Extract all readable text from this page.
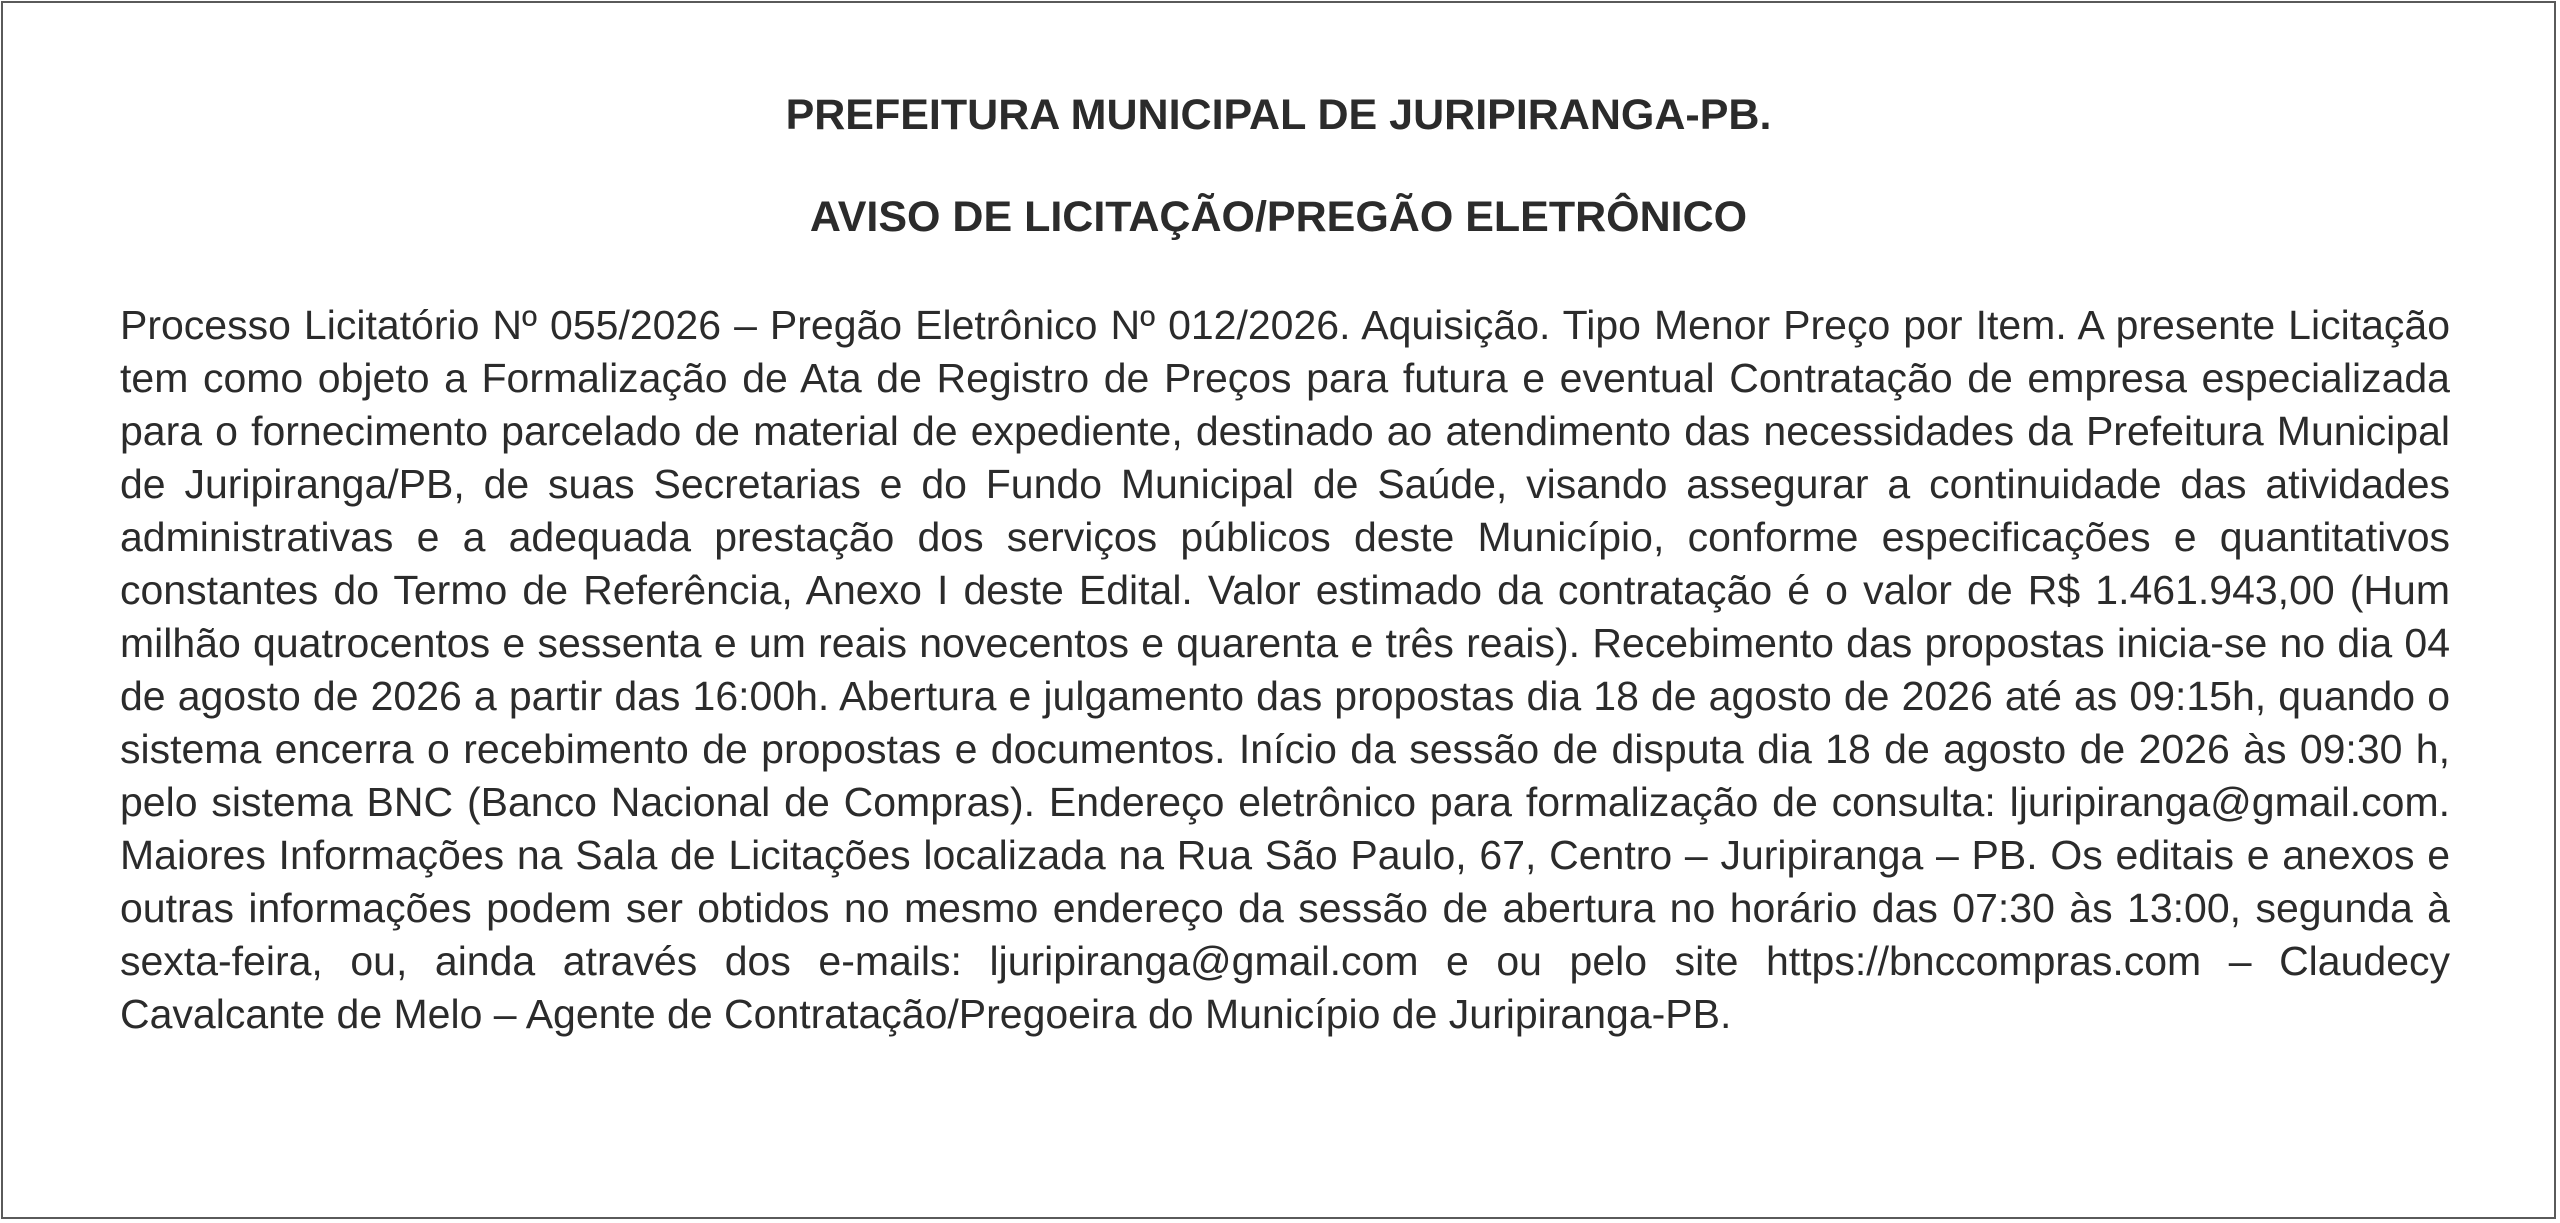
PREFEITURA MUNICIPAL DE JURIPIRANGA-PB.
AVISO DE LICITAÇÃO/PREGÃO ELETRÔNICO

Processo Licitatório Nº 055/2026 – Pregão Eletrônico Nº 012/2026. Aquisição. Tipo Menor Preço por Item. A presente Licitação tem como objeto a Formalização de Ata de Registro de Preços para futura e eventual Contratação de empresa especializada para o fornecimento parcelado de material de expediente, destinado ao atendimento das necessidades da Prefeitura Municipal de Juripiranga/PB, de suas Secretarias e do Fundo Municipal de Saúde, visando assegurar a continuidade das atividades administrativas e a adequada prestação dos serviços públicos deste Município, conforme especificações e quantitativos constantes do Termo de Referência, Anexo I deste Edital. Valor estimado da contratação é o valor de R$ 1.461.943,00 (Hum milhão quatrocentos e sessenta e um reais novecentos e quarenta e três reais). Recebimento das propostas inicia-se no dia 04 de agosto de 2026 a partir das 16:00h. Abertura e julgamento das propostas dia 18 de agosto de 2026 até as 09:15h, quando o sistema encerra o recebimento de propostas e documentos. Início da sessão de disputa dia 18 de agosto de 2026 às 09:30 h, pelo sistema BNC (Banco Nacional de Compras). Endereço eletrônico para formalização de consulta: ljuripiranga@gmail.com. Maiores Informações na Sala de Licitações localizada na Rua São Paulo, 67, Centro – Juripiranga – PB. Os editais e anexos e outras informações podem ser obtidos no mesmo endereço da sessão de abertura no horário das 07:30 às 13:00, segunda à sexta-feira, ou, ainda através dos e-mails: ljuripiranga@gmail.com e ou pelo site https://bnccompras.com – Claudecy Cavalcante de Melo – Agente de Contratação/Pregoeira do Município de Juripiranga-PB.
